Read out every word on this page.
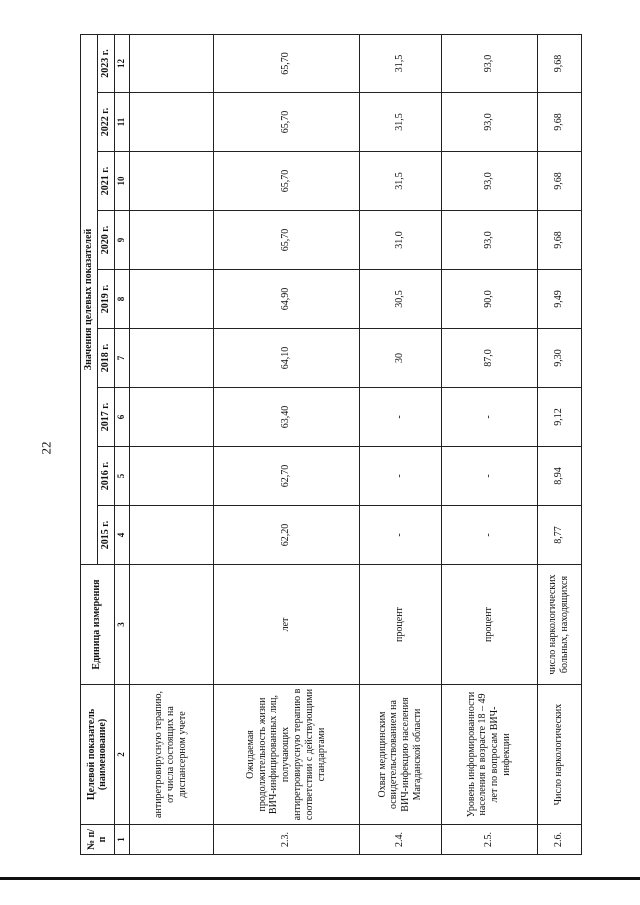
22
№ п/п	Целевой показатель (наименование)	Единица измерения	Значения целевых показателей								
			2015 г.	2016 г.	2017 г.	2018 г.	2019 г.	2020 г.	2021 г.	2022 г.	2023 г.
1	2	3	4	5	6	7	8	9	10	11	12
	антиретровирусную терапию, от числа состоящих на диспансерном учете										
2.3.	Ожидаемая продолжительность жизни ВИЧ-инфицированных лиц, получающих антиретровирусную терапию в соответствии с действующими стандартами	лет	62,20	62,70	63,40	64,10	64,90	65,70	65,70	65,70	65,70
2.4.	Охват медицинским освидетельствованием на ВИЧ-инфекцию населения Магаданской области	процент	-	-	-	30	30,5	31,0	31,5	31,5	31,5
2.5.	Уровень информированности населения в возрасте 18 – 49 лет по вопросам ВИЧ-инфекции	процент	-	-	-	87,0	90,0	93,0	93,0	93,0	93,0
2.6.	Число наркологических	число наркологических больных, находящихся	8,77	8,94	9,12	9,30	9,49	9,68	9,68	9,68	9,68
